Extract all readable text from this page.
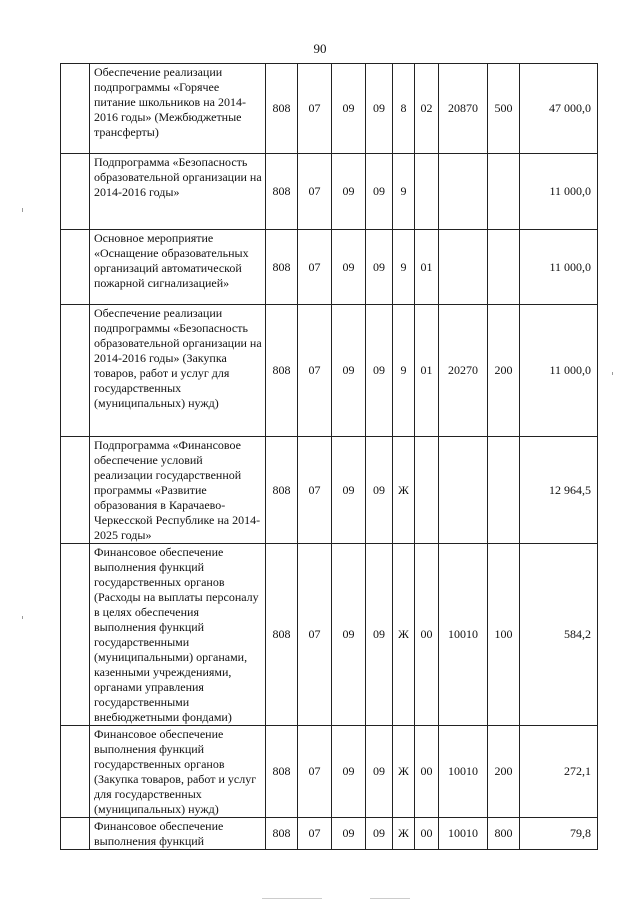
90
	Обеспечение реализации подпрограммы «Горячее питание школьников на 2014-2016 годы» (Межбюджетные трансферты)	808	07	09	09	8	02	20870	500	47 000,0
	Подпрограмма «Безопасность образовательной организации на 2014-2016 годы»	808	07	09	09	9				11 000,0
	Основное мероприятие «Оснащение образовательных организаций автоматической пожарной сигнализацией»	808	07	09	09	9	01			11 000,0
	Обеспечение реализации подпрограммы «Безопасность образовательной организации на 2014-2016 годы» (Закупка товаров, работ и услуг для государственных (муниципальных) нужд)	808	07	09	09	9	01	20270	200	11 000,0
	Подпрограмма «Финансовое обеспечение условий реализации государственной программы «Развитие образования в Карачаево-Черкесской Республике на 2014-2025 годы»	808	07	09	09	Ж				12 964,5
	Финансовое обеспечение выполнения функций государственных органов (Расходы на выплаты персоналу в целях обеспечения выполнения функций государственными (муниципальными) органами, казенными учреждениями, органами управления государственными внебюджетными фондами)	808	07	09	09	Ж	00	10010	100	584,2
	Финансовое обеспечение выполнения функций государственных органов (Закупка товаров, работ и услуг для государственных (муниципальных) нужд)	808	07	09	09	Ж	00	10010	200	272,1
	Финансовое обеспечение выполнения функций	808	07	09	09	Ж	00	10010	800	79,8
